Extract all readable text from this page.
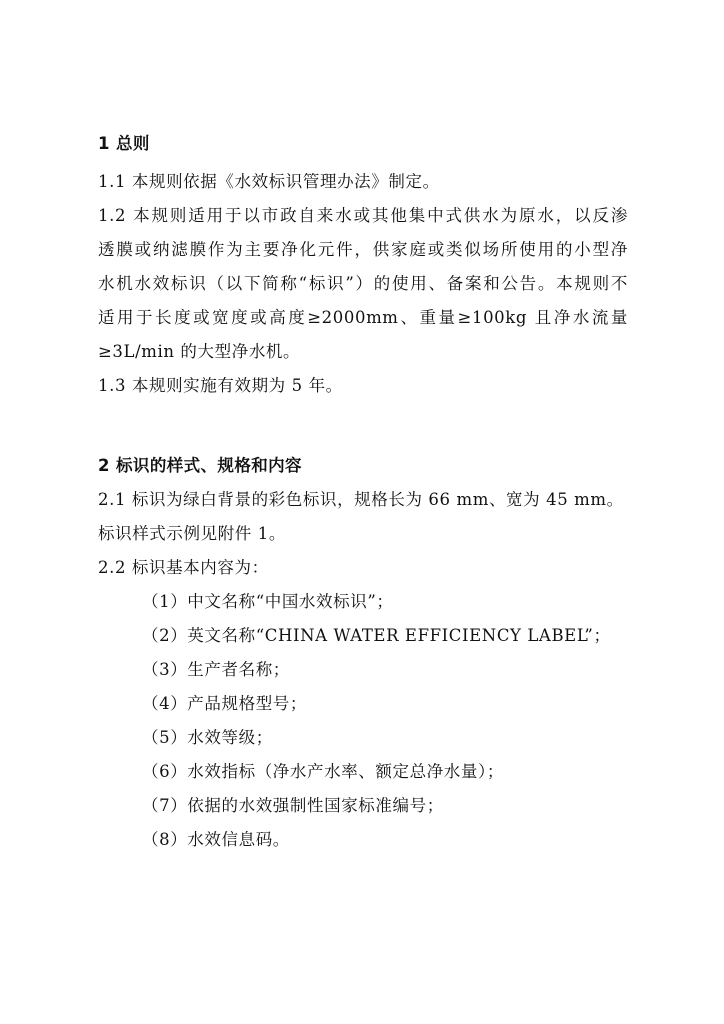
1 总则
1.1 本规则依据《水效标识管理办法》制定。
1.2 本规则适用于以市政自来水或其他集中式供水为原水，以反渗
透膜或纳滤膜作为主要净化元件，供家庭或类似场所使用的小型净
水机水效标识（以下简称“标识”）的使用、备案和公告。本规则不
适用于长度或宽度或高度≥2000mm、重量≥100kg 且净水流量
≥3L/min 的大型净水机。
1.3 本规则实施有效期为 5 年。
2 标识的样式、规格和内容
2.1 标识为绿白背景的彩色标识，规格长为 66 mm、宽为 45 mm。
标识样式示例见附件 1。
2.2 标识基本内容为：
（1）中文名称“中国水效标识”；
（2）英文名称“CHINA WATER EFFICIENCY LABEL”；
（3）生产者名称；
（4）产品规格型号；
（5）水效等级；
（6）水效指标（净水产水率、额定总净水量）；
（7）依据的水效强制性国家标准编号；
（8）水效信息码。
